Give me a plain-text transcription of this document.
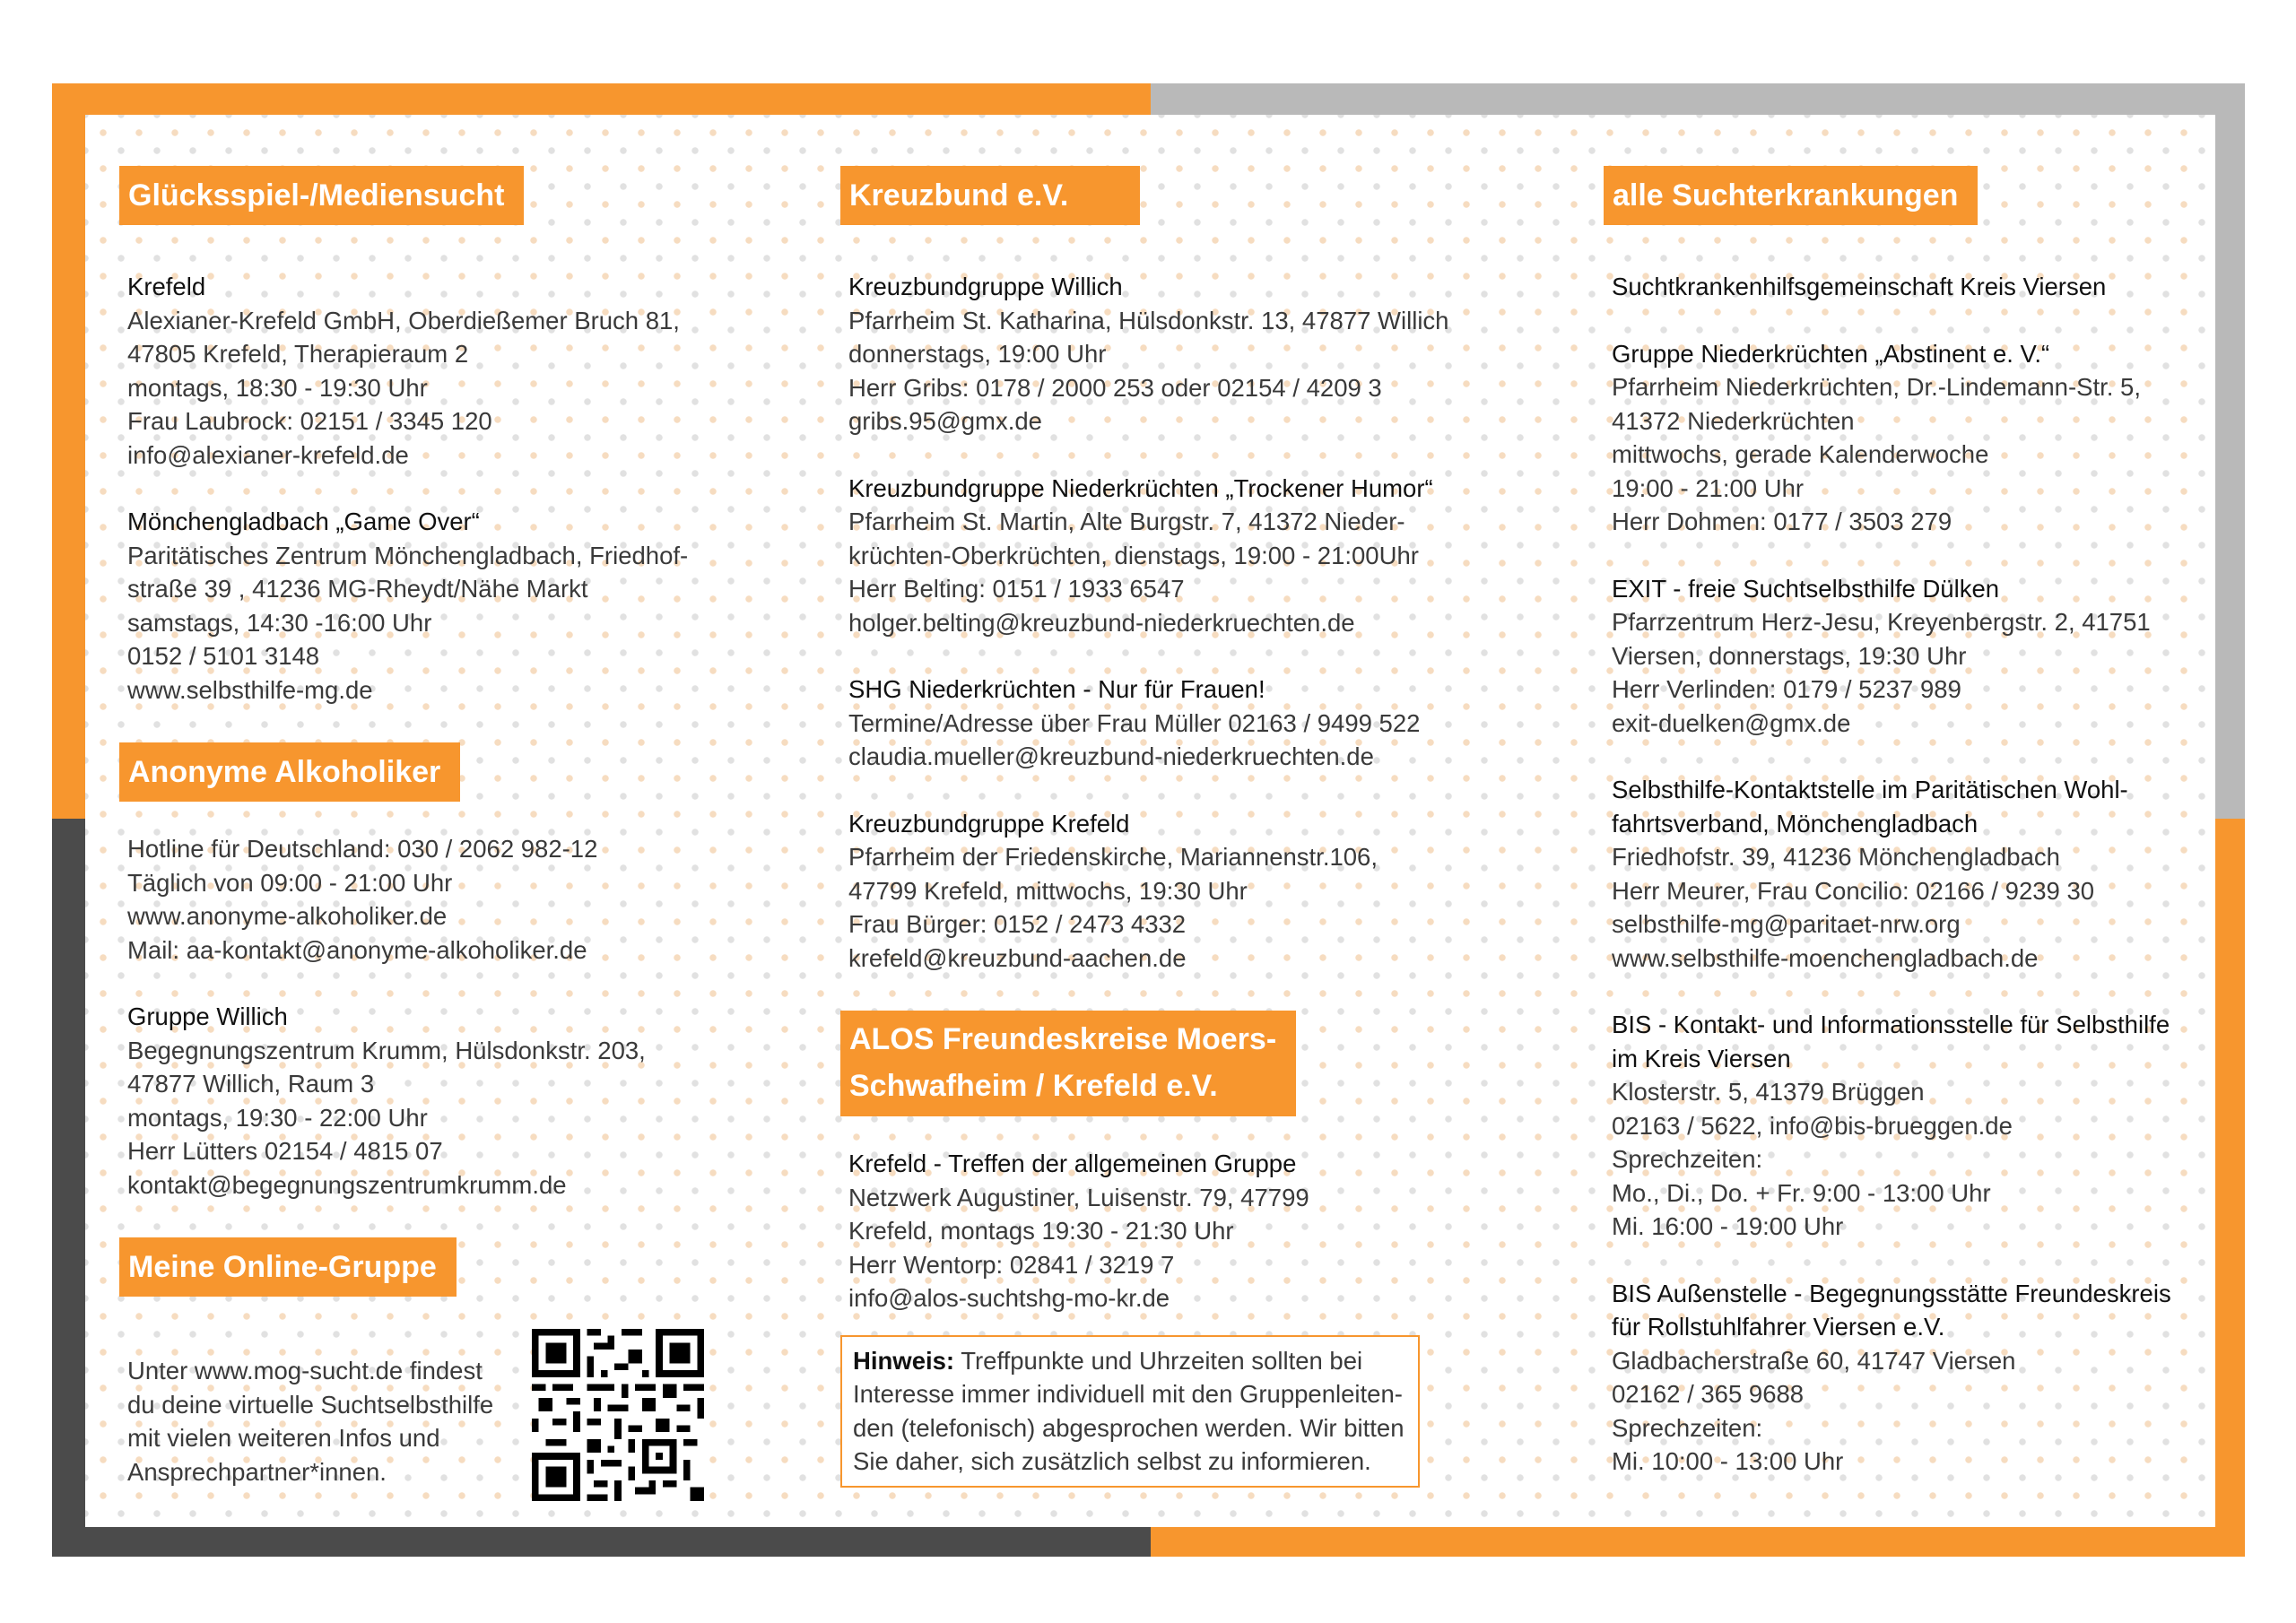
Glücksspiel-/Mediensucht
Krefeld
Alexianer-Krefeld GmbH, Oberdießemer Bruch 81,
47805 Krefeld, Therapieraum 2
montags, 18:30 - 19:30 Uhr
Frau Laubrock: 02151 / 3345 120
info@alexianer-krefeld.de
Mönchengladbach „Game Over“
Paritätisches Zentrum Mönchengladbach, Friedhof-
straße 39 , 41236 MG-Rheydt/Nähe Markt
samstags, 14:30 -16:00 Uhr
0152 / 5101 3148
www.selbsthilfe-mg.de
Anonyme Alkoholiker
Hotline für Deutschland: 030 / 2062 982-12
Täglich von 09:00 - 21:00 Uhr
www.anonyme-alkoholiker.de
Mail: aa-kontakt@anonyme-alkoholiker.de
Gruppe Willich
Begegnungszentrum Krumm, Hülsdonkstr. 203,
47877 Willich, Raum 3
montags, 19:30 - 22:00 Uhr
Herr Lütters 02154 / 4815 07
kontakt@begegnungszentrumkrumm.de
Meine Online-Gruppe
Unter www.mog-sucht.de findest
du deine virtuelle Suchtselbsthilfe
mit vielen weiteren Infos und
Ansprechpartner*innen.
Kreuzbund e.V.
Kreuzbundgruppe Willich
Pfarrheim St. Katharina, Hülsdonkstr. 13, 47877 Willich
donnerstags, 19:00 Uhr
Herr Gribs: 0178 / 2000 253 oder 02154 / 4209 3
gribs.95@gmx.de
Kreuzbundgruppe Niederkrüchten „Trockener Humor“
Pfarrheim St. Martin, Alte Burgstr. 7, 41372 Nieder-
krüchten-Oberkrüchten, dienstags, 19:00 - 21:00Uhr
Herr Belting: 0151 / 1933 6547
holger.belting@kreuzbund-niederkruechten.de
SHG Niederkrüchten - Nur für Frauen!
Termine/Adresse über Frau Müller 02163 / 9499 522
claudia.mueller@kreuzbund-niederkruechten.de
Kreuzbundgruppe Krefeld
Pfarrheim der Friedenskirche, Mariannenstr.106,
47799 Krefeld, mittwochs, 19:30 Uhr
Frau Bürger: 0152 / 2473 4332
krefeld@kreuzbund-aachen.de
ALOS Freundeskreise Moers-
Schwafheim / Krefeld e.V.
Krefeld - Treffen der allgemeinen Gruppe
Netzwerk Augustiner, Luisenstr. 79, 47799
Krefeld, montags 19:30 - 21:30 Uhr
Herr Wentorp: 02841 / 3219 7
info@alos-suchtshg-mo-kr.de
Hinweis: Treffpunkte und Uhrzeiten sollten bei
Interesse immer individuell mit den Gruppenleiten-
den (telefonisch) abgesprochen werden. Wir bitten
Sie daher, sich zusätzlich selbst zu informieren.
alle Suchterkrankungen
Suchtkrankenhilfsgemeinschaft Kreis Viersen
Gruppe Niederkrüchten „Abstinent e. V.“
Pfarrheim Niederkrüchten, Dr.-Lindemann-Str. 5,
41372 Niederkrüchten
mittwochs, gerade Kalenderwoche
19:00 - 21:00 Uhr
Herr Dohmen: 0177 / 3503 279
EXIT - freie Suchtselbsthilfe Dülken
Pfarrzentrum Herz-Jesu, Kreyenbergstr. 2, 41751
Viersen, donnerstags, 19:30 Uhr
Herr Verlinden: 0179 / 5237 989
exit-duelken@gmx.de
Selbsthilfe-Kontaktstelle im Paritätischen Wohl-
fahrtsverband, Mönchengladbach
Friedhofstr. 39, 41236 Mönchengladbach
Herr Meurer, Frau Concilio: 02166 / 9239 30
selbsthilfe-mg@paritaet-nrw.org
www.selbsthilfe-moenchengladbach.de
BIS - Kontakt- und Informationsstelle für Selbsthilfe
im Kreis Viersen
Klosterstr. 5, 41379 Brüggen
02163 / 5622, info@bis-brueggen.de
Sprechzeiten:
Mo., Di., Do. + Fr. 9:00 - 13:00 Uhr
Mi. 16:00 - 19:00 Uhr
BIS Außenstelle - Begegnungsstätte Freundeskreis
für Rollstuhlfahrer Viersen e.V.
Gladbacherstraße 60, 41747 Viersen
02162 / 365 9688
Sprechzeiten:
Mi. 10:00 - 13:00 Uhr
